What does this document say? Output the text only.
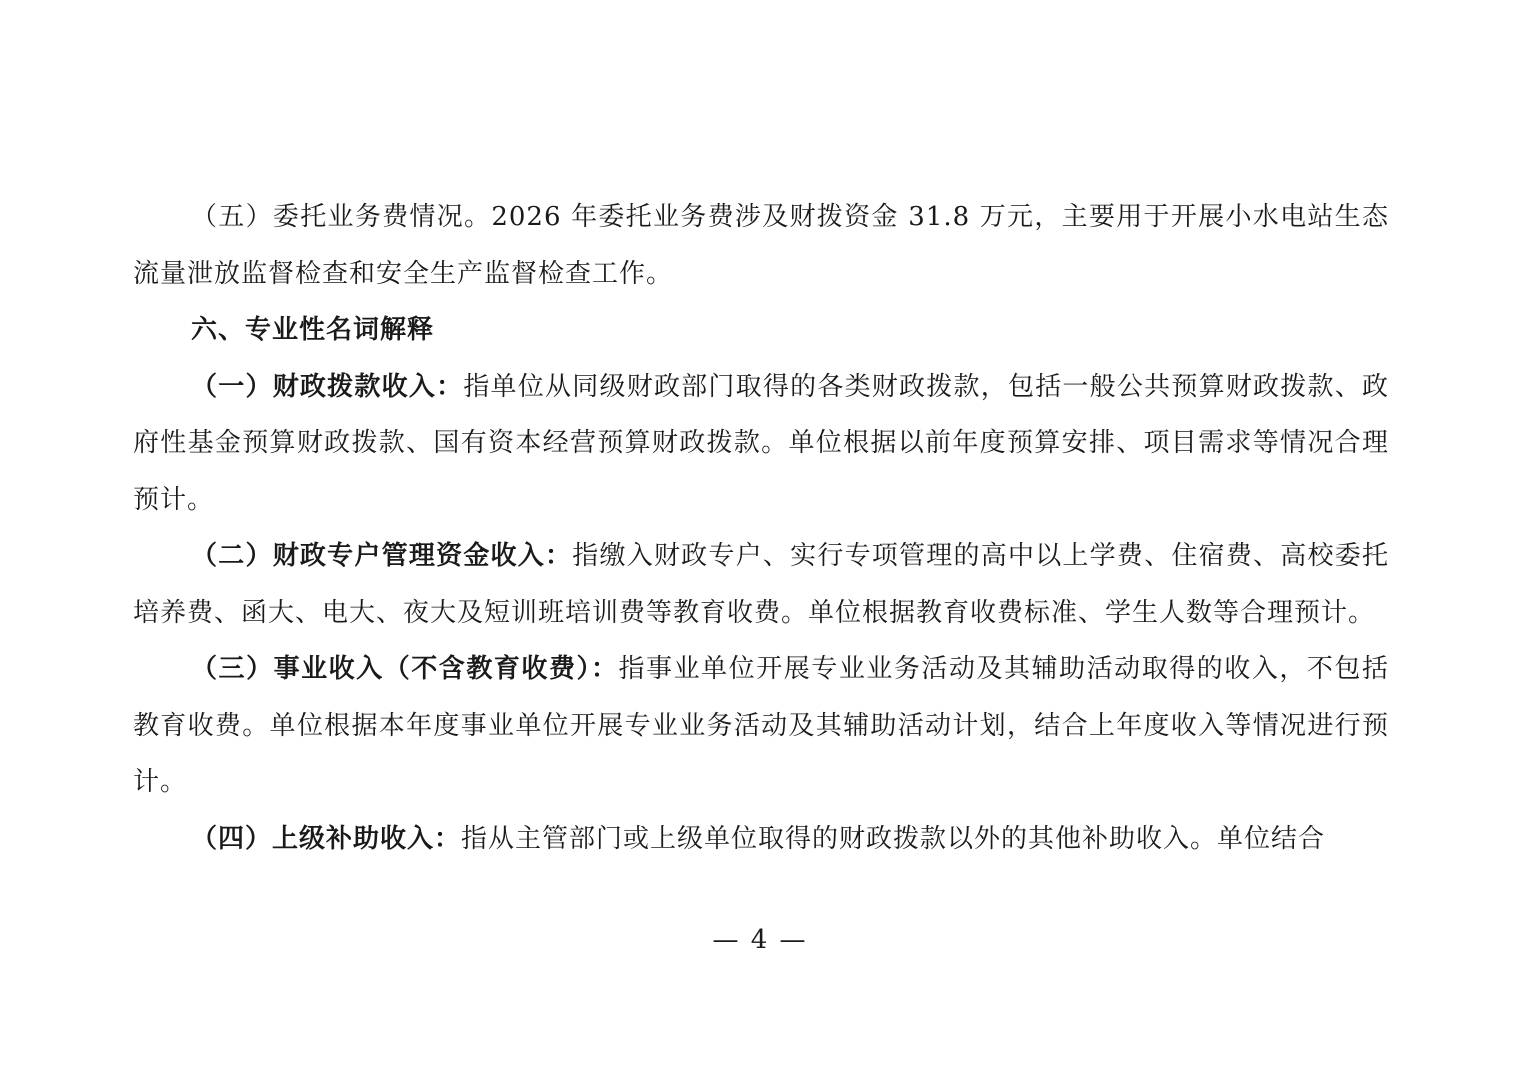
（五）委托业务费情况。2026 年委托业务费涉及财拨资金 31.8 万元，主要用于开展小水电站生态流量泄放监督检查和安全生产监督检查工作。

六、专业性名词解释

（一）财政拨款收入：指单位从同级财政部门取得的各类财政拨款，包括一般公共预算财政拨款、政府性基金预算财政拨款、国有资本经营预算财政拨款。单位根据以前年度预算安排、项目需求等情况合理预计。

（二）财政专户管理资金收入：指缴入财政专户、实行专项管理的高中以上学费、住宿费、高校委托培养费、函大、电大、夜大及短训班培训费等教育收费。单位根据教育收费标准、学生人数等合理预计。

（三）事业收入（不含教育收费）：指事业单位开展专业业务活动及其辅助活动取得的收入，不包括教育收费。单位根据本年度事业单位开展专业业务活动及其辅助活动计划，结合上年度收入等情况进行预计。

（四）上级补助收入：指从主管部门或上级单位取得的财政拨款以外的其他补助收入。单位结合

— 4 —
